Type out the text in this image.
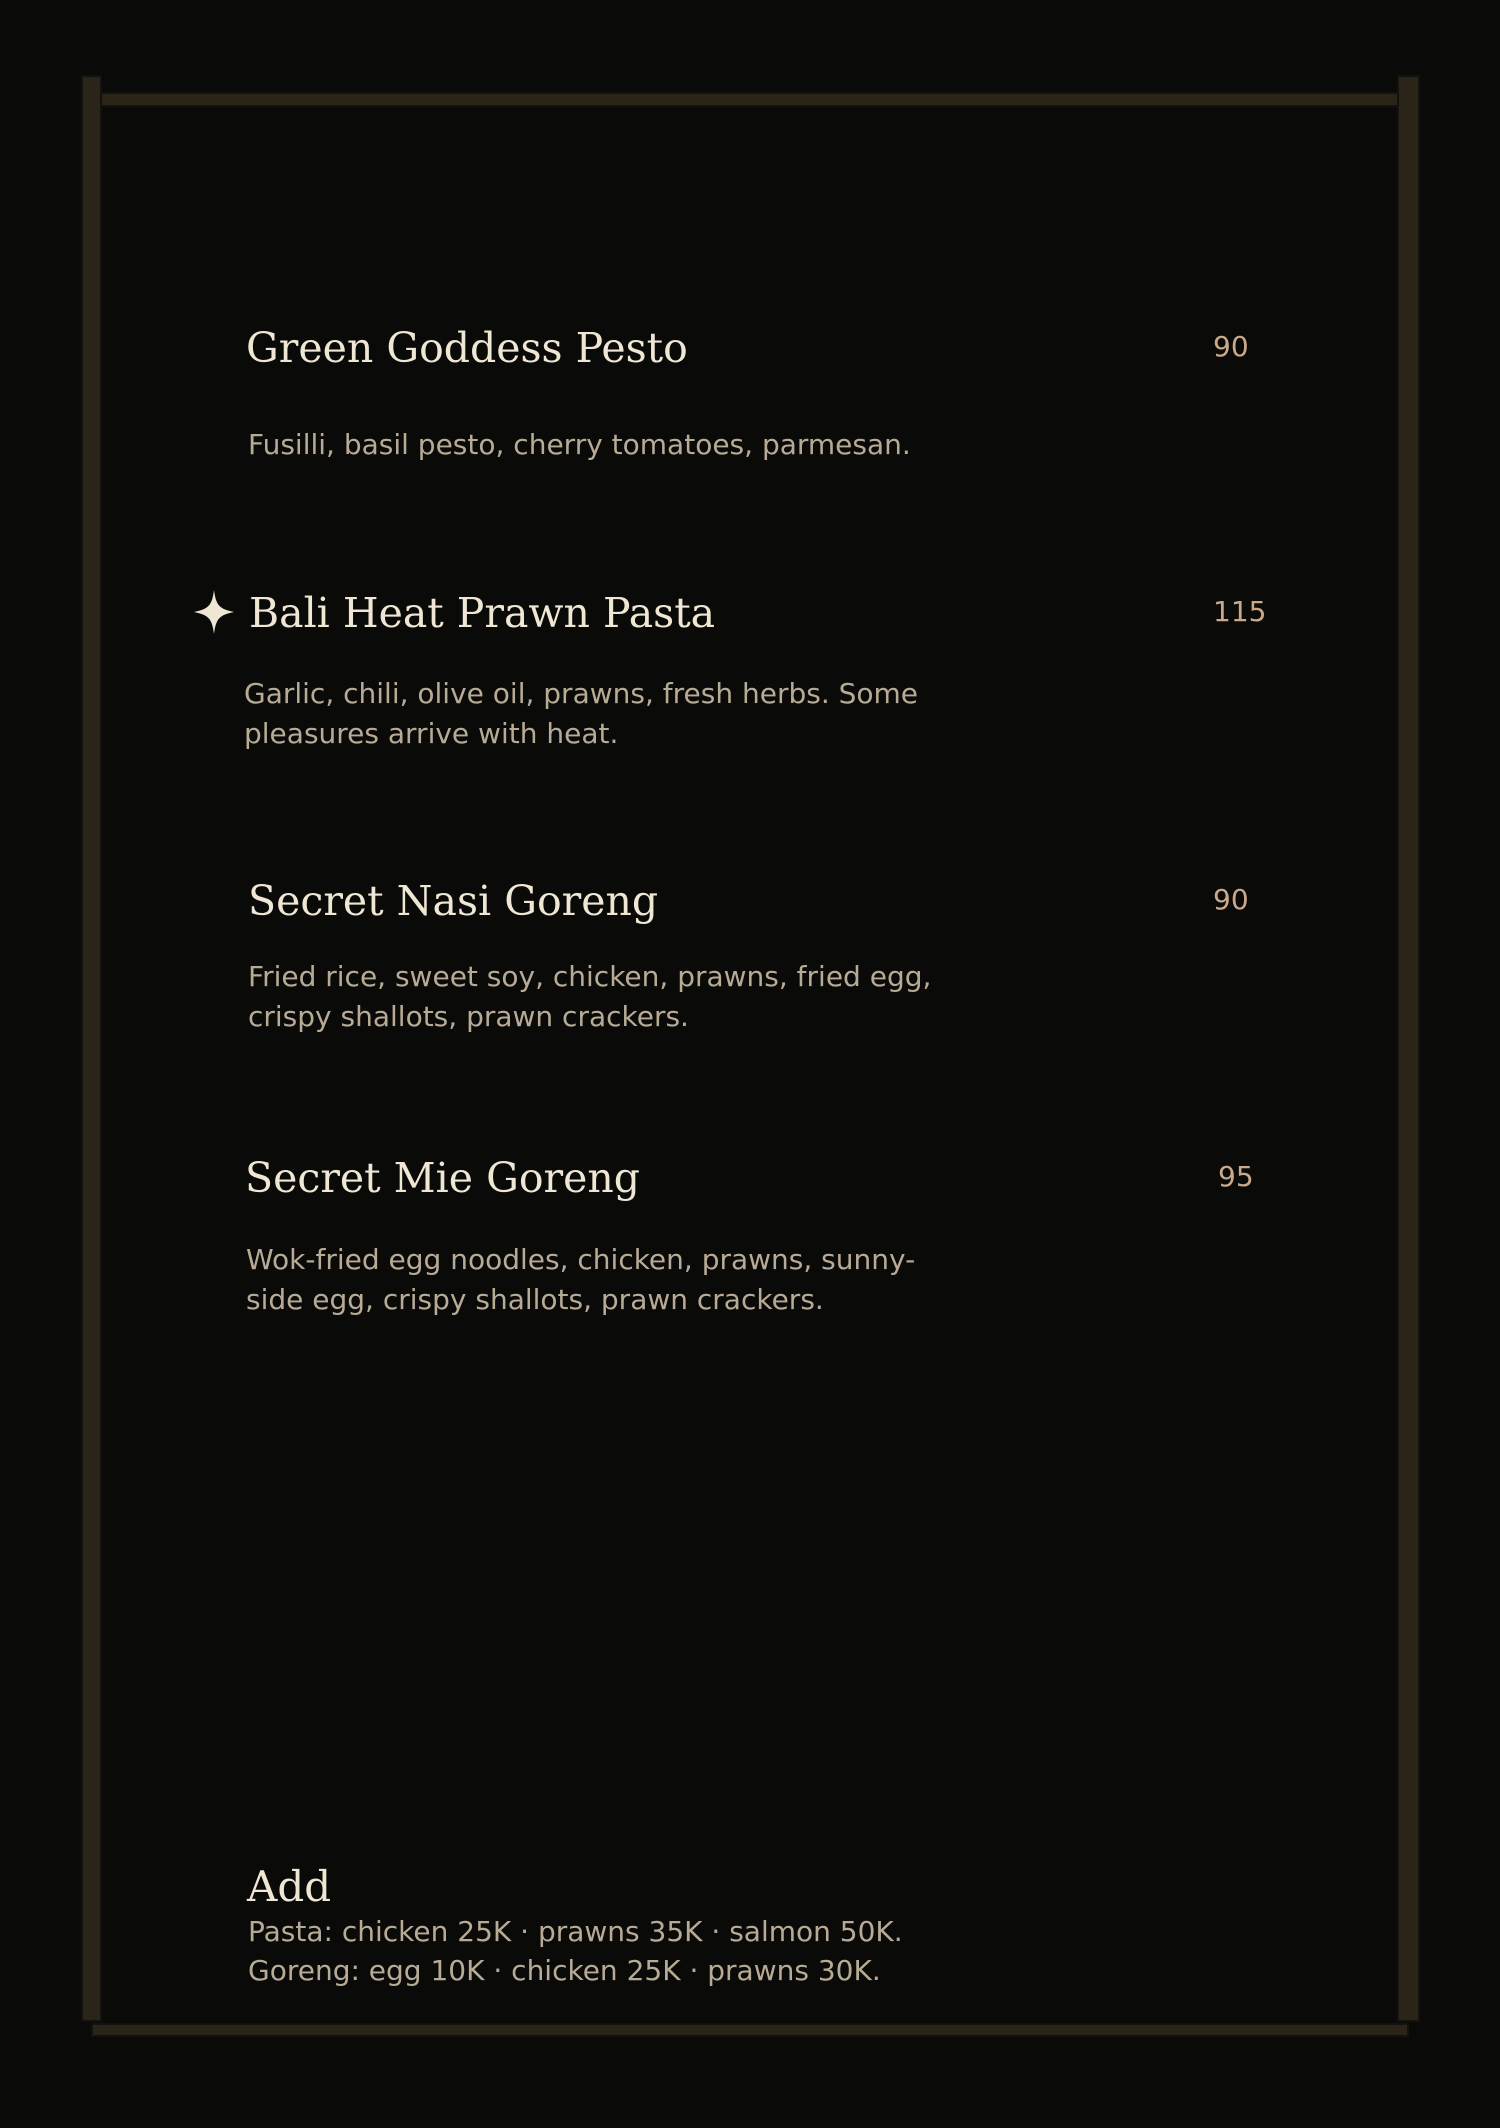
Green Goddess Pesto	90
Fusilli, basil pesto, cherry tomatoes, parmesan.
Bali Heat Prawn Pasta	115
Garlic, chili, olive oil, prawns, fresh herbs. Some
pleasures arrive with heat.
Secret Nasi Goreng	90
Fried rice, sweet soy, chicken, prawns, fried egg,
crispy shallots, prawn crackers.
Secret Mie Goreng	95
Wok-fried egg noodles, chicken, prawns, sunny-
side egg, crispy shallots, prawn crackers.
Add
Pasta: chicken 25K · prawns 35K · salmon 50K.
Goreng: egg 10K · chicken 25K · prawns 30K.
